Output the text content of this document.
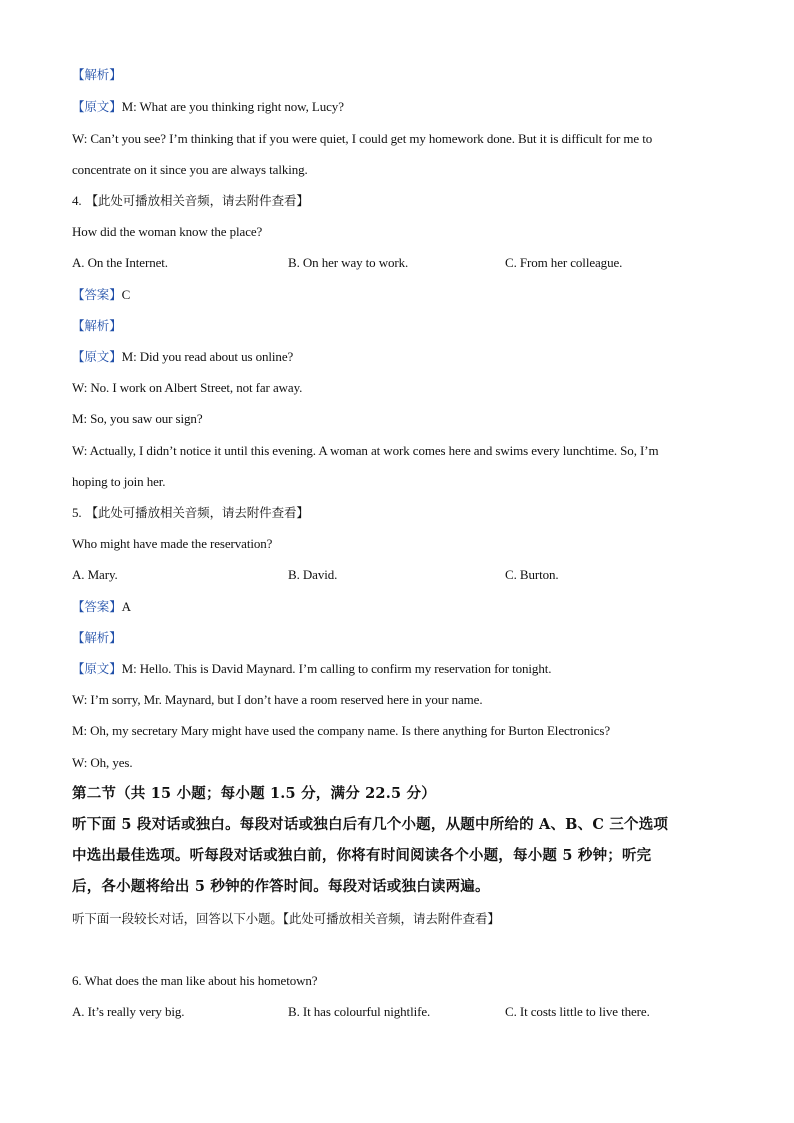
【解析】
【原文】M: What are you thinking right now, Lucy?
W: Can’t you see? I’m thinking that if you were quiet, I could get my homework done. But it is difficult for me to
concentrate on it since you are always talking.
4. 【此处可播放相关音频，请去附件查看】
How did the woman know the place?
A. On the Internet.	B. On her way to work.	C. From her colleague.
【答案】C
【解析】
【原文】M: Did you read about us online?
W: No. I work on Albert Street, not far away.
M: So, you saw our sign?
W: Actually, I didn’t notice it until this evening. A woman at work comes here and swims every lunchtime. So, I’m
hoping to join her.
5. 【此处可播放相关音频，请去附件查看】
Who might have made the reservation?
A. Mary.	B. David.	C. Burton.
【答案】A
【解析】
【原文】M: Hello. This is David Maynard. I’m calling to confirm my reservation for tonight.
W: I’m sorry, Mr. Maynard, but I don’t have a room reserved here in your name.
M: Oh, my secretary Mary might have used the company name. Is there anything for Burton Electronics?
W: Oh, yes.
第二节（共 15 小题；每小题 1.5 分，满分 22.5 分）
听下面 5 段对话或独白。每段对话或独白后有几个小题，从题中所给的 A、B、C 三个选项
中选出最佳选项。听每段对话或独白前，你将有时间阅读各个小题，每小题 5 秒钟；听完
后，各小题将给出 5 秒钟的作答时间。每段对话或独白读两遍。
听下面一段较长对话，回答以下小题。【此处可播放相关音频，请去附件查看】
6. What does the man like about his hometown?
A. It’s really very big.	B. It has colourful nightlife.	C. It costs little to live there.
